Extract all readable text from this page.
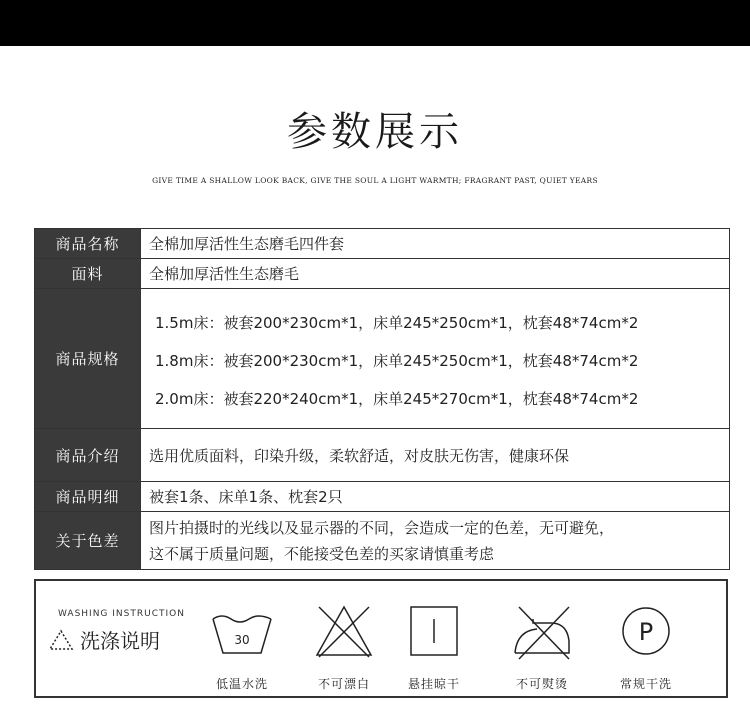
参数展示
GIVE TIME A SHALLOW LOOK BACK, GIVE THE SOUL A LIGHT WARMTH; FRAGRANT PAST, QUIET YEARS
商品名称	全棉加厚活性生态磨毛四件套
面料	全棉加厚活性生态磨毛
商品规格	1.5m床：被套200*230cm*1，床单245*250cm*1，枕套48*74cm*2
1.8m床：被套200*230cm*1，床单245*250cm*1，枕套48*74cm*2
2.0m床：被套220*240cm*1，床单245*270cm*1，枕套48*74cm*2

商品介绍	选用优质面料，印染升级，柔软舒适，对皮肤无伤害，健康环保
商品明细	被套1条、床单1条、枕套2只
关于色差	图片拍摄时的光线以及显示器的不同，会造成一定的色差，无可避免，
这不属于质量问题，不能接受色差的买家请慎重考虑
WASHING INSTRUCTION
洗涤说明	30
低温水洗	不可漂白	悬挂晾干	不可熨烫
P
常规干洗
